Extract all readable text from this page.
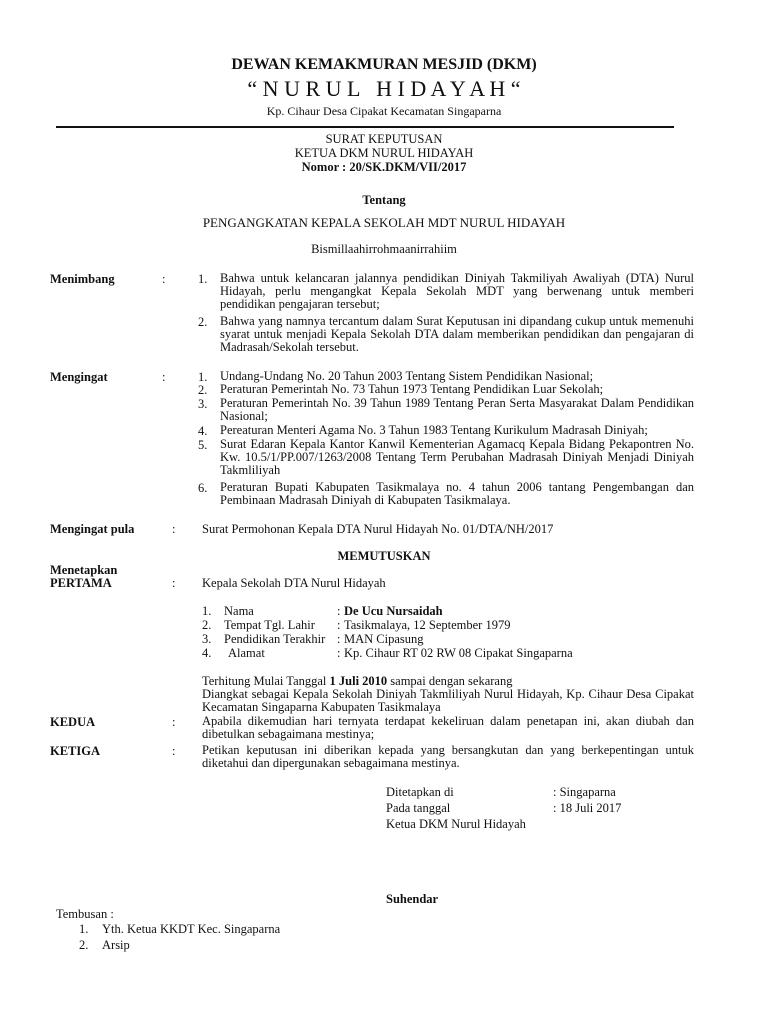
DEWAN KEMAKMURAN MESJID (DKM)
“ N U R U L   H I D A Y A H “
Kp. Cihaur Desa Cipakat Kecamatan Singaparna
SURAT KEPUTUSAN
KETUA DKM NURUL HIDAYAH
Nomor : 20/SK.DKM/VII/2017
Tentang
PENGANGKATAN KEPALA SEKOLAH MDT NURUL HIDAYAH
Bismillaahirrohmaanirrahiim
Menimbang	:	1. Bahwa untuk kelancaran jalannya pendidikan Diniyah Takmiliyah Awaliyah (DTA) Nurul Hidayah, perlu mengangkat Kepala Sekolah MDT yang berwenang untuk memberi pendidikan pengajaran tersebut;
2. Bahwa yang namnya tercantum dalam Surat Keputusan ini dipandang cukup untuk memenuhi syarat untuk menjadi Kepala Sekolah DTA dalam memberikan pendidikan dan pengajaran di Madrasah/Sekolah tersebut.
Mengingat	:	1. Undang-Undang No. 20 Tahun 2003 Tentang Sistem Pendidikan Nasional;
2. Peraturan Pemerintah No. 73 Tahun 1973 Tentang Pendidikan Luar Sekolah;
3. Peraturan Pemerintah No. 39 Tahun 1989 Tentang Peran Serta Masyarakat Dalam Pendidikan Nasional;
4. Pereaturan Menteri Agama No. 3 Tahun 1983 Tentang Kurikulum Madrasah Diniyah;
5. Surat Edaran Kepala Kantor Kanwil Kementerian Agamacq Kepala Bidang Pekapontren No. Kw. 10.5/1/PP.007/1263/2008 Tentang Term Perubahan Madrasah Diniyah Menjadi Diniyah Takmliliyah
6. Peraturan Bupati Kabupaten Tasikmalaya no. 4 tahun 2006 tantang Pengembangan dan Pembinaan Madrasah Diniyah di Kabupaten Tasikmalaya.
Mengingat pula	: Surat Permohonan Kepala DTA Nurul Hidayah No. 01/DTA/NH/2017
MEMUTUSKAN
Menetapkan
PERTAMA	: Kepala Sekolah DTA Nurul Hidayah
1. Nama	: De Ucu Nursaidah
2. Tempat Tgl. Lahir : Tasikmalaya, 12 September 1979
3. Pendidikan Terakhir : MAN Cipasung
4. Alamat	: Kp. Cihaur RT 02 RW 08 Cipakat Singaparna
Terhitung Mulai Tanggal 1 Juli 2010 sampai dengan sekarang
Diangkat sebagai Kepala Sekolah Diniyah Takmliliyah Nurul Hidayah, Kp. Cihaur Desa Cipakat Kecamatan Singaparna Kabupaten Tasikmalaya
KEDUA	: Apabila dikemudian hari ternyata terdapat kekeliruan dalam penetapan ini, akan diubah dan dibetulkan sebagaimana mestinya;
KETIGA	: Petikan keputusan ini diberikan kepada yang bersangkutan dan yang berkepentingan untuk diketahui dan dipergunakan sebagaimana mestinya.
Ditetapkan di	: Singaparna
Pada tanggal	: 18 Juli 2017
Ketua DKM Nurul Hidayah
Suhendar
Tembusan :
1. Yth. Ketua KKDT Kec. Singaparna
2. Arsip
